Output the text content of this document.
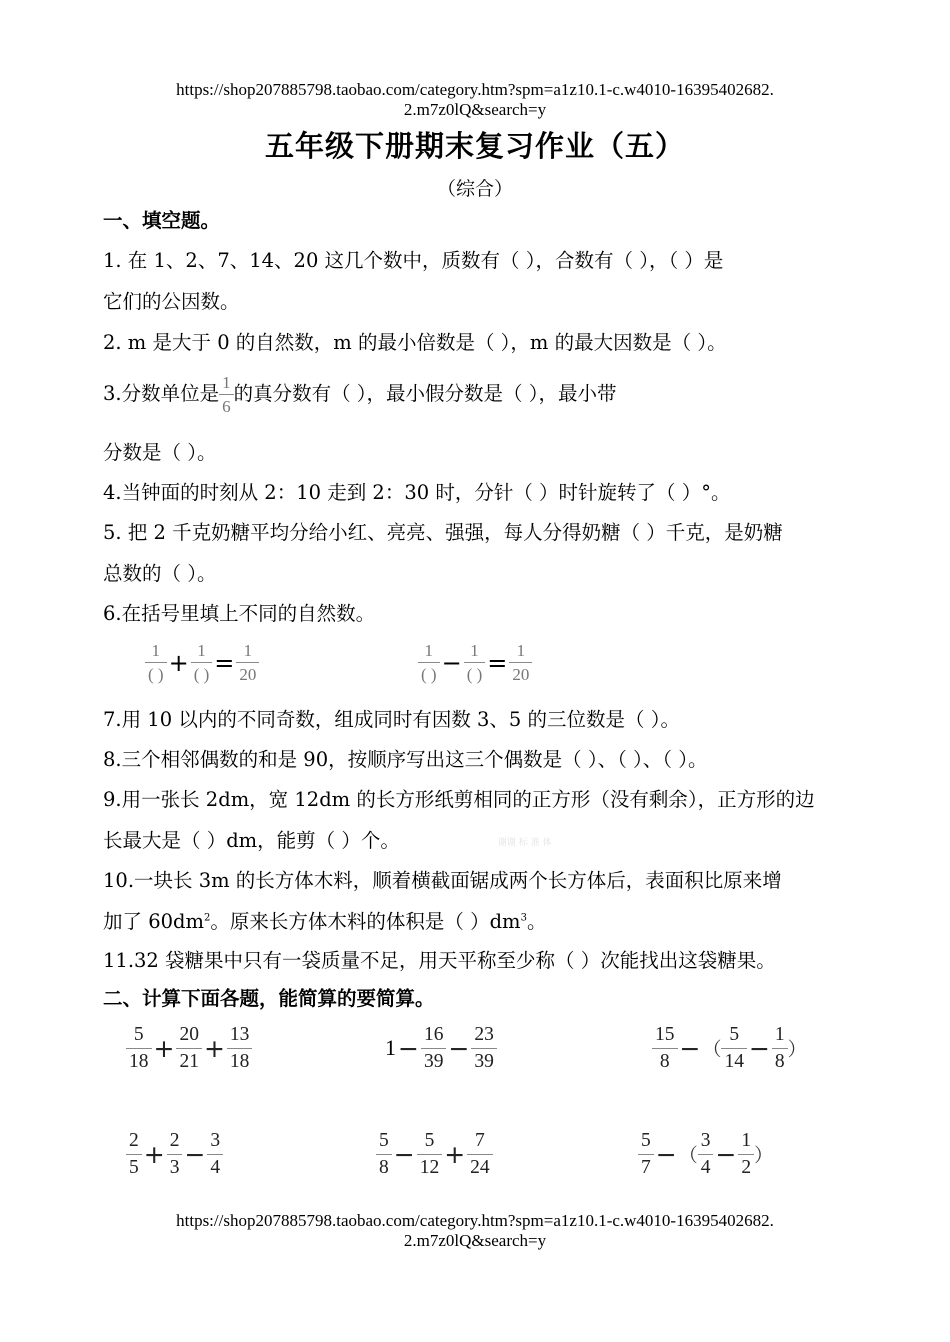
https://shop207885798.taobao.com/category.htm?spm=a1z10.1-c.w4010-16395402682.2.m7z0lQ&search=y
五年级下册期末复习作业（五）
（综合）
一、填空题。
1. 在 1、2、7、14、20 这几个数中，质数有（ ），合数有（ ），（ ）是
它们的公因数。
2. m 是大于 0 的自然数，m 的最小倍数是（ ），m 的最大因数是（ ）。
3.分数单位是 $\frac{1}{6}$ 的真分数有（ ），最小假分数是（ ），最小带
分数是（ ）。
4.当钟面的时刻从 2：10 走到 2：30 时，分针（ ）时针旋转了（ ）°。
5. 把 2 千克奶糖平均分给小红、亮亮、强强，每人分得奶糖（ ）千克，是奶糖
总数的（ ）。
6.在括号里填上不同的自然数。
$\frac{1}{( )} + \frac{1}{( )} = \frac{1}{20}$	$\frac{1}{( )} - \frac{1}{( )} = \frac{1}{20}$
7.用 10 以内的不同奇数，组成同时有因数 3、5 的三位数是（ ）。
8.三个相邻偶数的和是 90，按顺序写出这三个偶数是（ ）、（ ）、（ ）。
9.用一张长 2dm，宽 12dm 的长方形纸剪相同的正方形（没有剩余），正方形的边
长最大是（ ）dm，能剪（ ）个。	谢谢 标 准 体
10.一块长 3m 的长方体木料，顺着横截面锯成两个长方体后，表面积比原来增
加了 $60dm^2$。原来长方体木料的体积是（ ）$dm^3$。
11.32 袋糖果中只有一袋质量不足，用天平称至少称（ ）次能找出这袋糖果。
二、计算下面各题，能简算的要简算。
$\frac{5}{18} + \frac{20}{21} + \frac{13}{18}$	$1- \frac{16}{39} - \frac{23}{39}$	$\frac{15}{8}$ − （ $\frac{5}{14} - \frac{1}{8}$ ）
$\frac{2}{5} + \frac{2}{3} - \frac{3}{4}$	$\frac{5}{8} - \frac{5}{12} + \frac{7}{24}$	$\frac{5}{7}$ − （ $\frac{3}{4} - \frac{1}{2}$ ）
https://shop207885798.taobao.com/category.htm?spm=a1z10.1-c.w4010-16395402682.2.m7z0lQ&search=y
